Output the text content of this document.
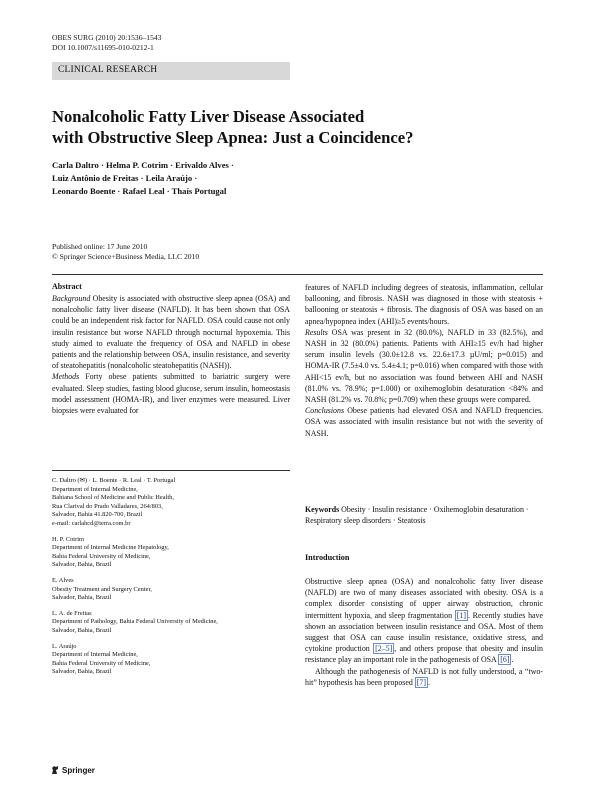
OBES SURG (2010) 20:1536–1543
DOI 10.1007/s11695-010-0212-1
CLINICAL RESEARCH
Nonalcoholic Fatty Liver Disease Associated
with Obstructive Sleep Apnea: Just a Coincidence?
Carla Daltro · Helma P. Cotrim · Erivaldo Alves ·
Luiz Antônio de Freitas · Leila Araújo ·
Leonardo Boente · Rafael Leal · Thaís Portugal
Published online: 17 June 2010
© Springer Science+Business Media, LLC 2010
Abstract

Background Obesity is associated with obstructive sleep apnea (OSA) and nonalcoholic fatty liver disease (NAFLD). It has been shown that OSA could be an independent risk factor for NAFLD. OSA could cause not only insulin resistance but worse NAFLD through nocturnal hypoxemia. This study aimed to evaluate the frequency of OSA and NAFLD in obese patients and the relationship between OSA, insulin resistance, and severity of steatohepatitis (nonalcoholic steatohepatitis (NASH)).

Methods Forty obese patients submitted to bariatric surgery were evaluated. Sleep studies, fasting blood glucose, serum insulin, homeostasis model assessment (HOMA-IR), and liver enzymes were measured. Liver biopsies were evaluated for

C. Daltro (✉) · L. Boente · R. Leal · T. Portugal
Department of Internal Medicine,
Bahiana School of Medicine and Public Health,
Rua Clarival do Prado Valladares, 264/803,
Salvador, Bahia 41.820-700, Brazil
e-mail: carlahcd@terra.com.br
H. P. Cotrim
Department of Internal Medicine Hepatology,
Bahia Federal University of Medicine,
Salvador, Bahia, Brazil
E. Alves
Obesity Treatment and Surgery Center,
Salvador, Bahia, Brazil
L. A. de Freitas
Department of Pathology, Bahia Federal University of Medicine,
Salvador, Bahia, Brazil
L. Araújo
Department of Internal Medicine,
Bahia Federal University of Medicine,
Salvador, Bahia, Brazil

features of NAFLD including degrees of steatosis, inflammation, cellular ballooning, and fibrosis. NASH was diagnosed in those with steatosis + ballooning or steatosis + fibrosis. The diagnosis of OSA was based on an apnea/hypopnea index (AHI)≥5 events/hours.

Results OSA was present in 32 (80.0%), NAFLD in 33 (82.5%), and NASH in 32 (80.0%) patients. Patients with AHI≥15 ev/h had higher serum insulin levels (30.0±12.8 vs. 22.6±17.3 µU/ml; p=0.015) and HOMA-IR (7.5±4.0 vs. 5.4±4.1; p=0.016) when compared with those with AHI<15 ev/h, but no association was found between AHI and NASH (81.0% vs. 78.9%; p=1.000) or oxihemoglobin desaturation <84% and NASH (81.2% vs. 70.8%; p=0.709) when these groups were compared.

Conclusions Obese patients had elevated OSA and NAFLD frequencies. OSA was associated with insulin resistance but not with the severity of NASH.

Keywords Obesity · Insulin resistance · Oxihemoglobin desaturation · Respiratory sleep disorders · Steatosis
Introduction

Obstructive sleep apnea (OSA) and nonalcoholic fatty liver disease (NAFLD) are two of many diseases associated with obesity. OSA is a complex disorder consisting of upper airway obstruction, chronic intermittent hypoxia, and sleep fragmentation [1] . Recently studies have shown an association between insulin resistance and OSA. Most of them suggest that OSA can cause insulin resistance, oxidative stress, and cytokine production [2–5] , and others propose that obesity and insulin resistance play an important role in the pathogenesis of OSA [6] .

Although the pathogenesis of NAFLD is not fully understood, a “two-hit” hypothesis has been proposed [7] .

Springer
